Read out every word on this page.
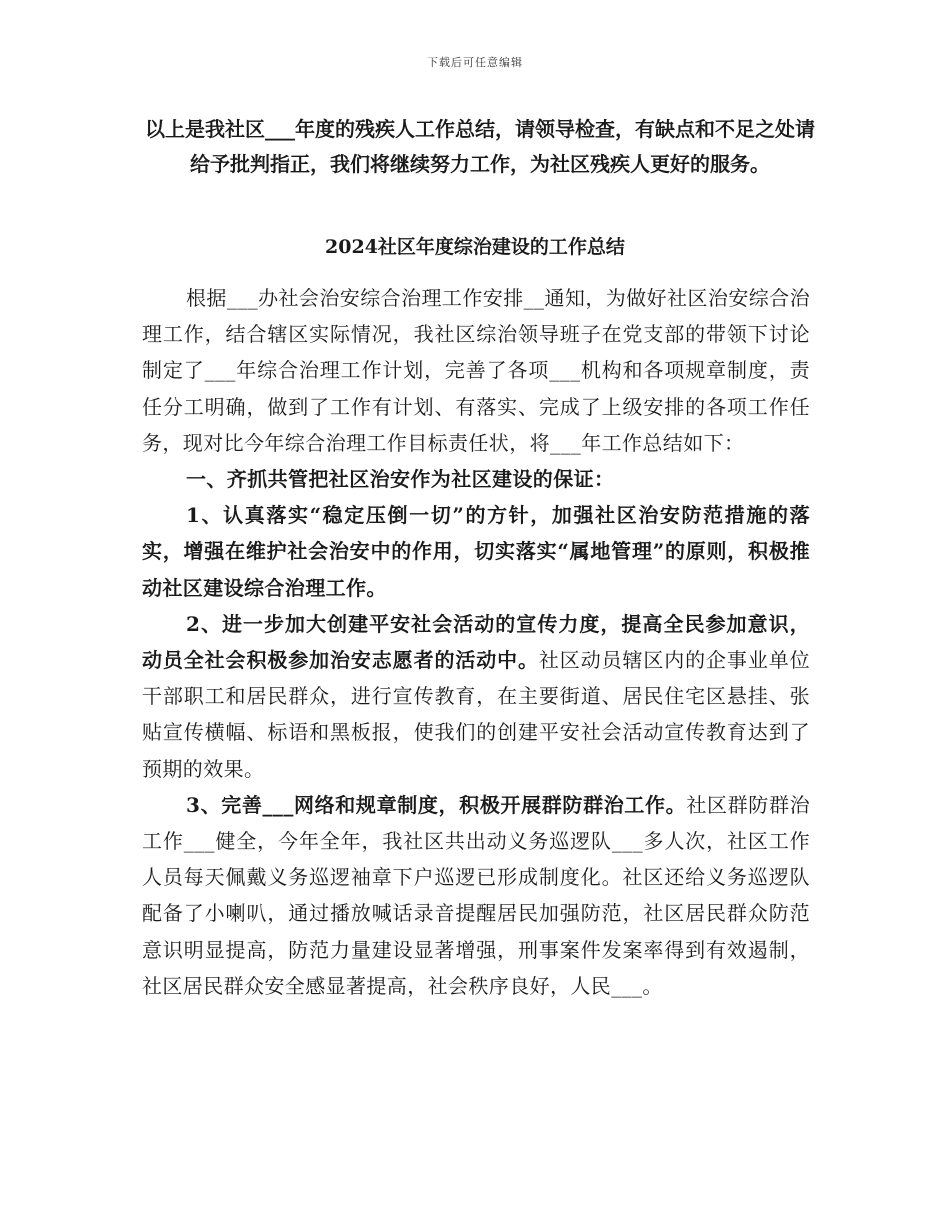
下载后可任意编辑

以上是我社区___年度的残疾人工作总结，请领导检查，有缺点和不足之处请给予批判指正，我们将继续努力工作，为社区残疾人更好的服务。

2024社区年度综治建设的工作总结

根据___办社会治安综合治理工作安排__通知，为做好社区治安综合治理工作，结合辖区实际情况，我社区综治领导班子在党支部的带领下讨论制定了___年综合治理工作计划，完善了各项___机构和各项规章制度，责任分工明确，做到了工作有计划、有落实、完成了上级安排的各项工作任务，现对比今年综合治理工作目标责任状，将___年工作总结如下：

一、齐抓共管把社区治安作为社区建设的保证：

1、认真落实“稳定压倒一切”的方针，加强社区治安防范措施的落实，增强在维护社会治安中的作用，切实落实“属地管理”的原则，积极推动社区建设综合治理工作。

2、进一步加大创建平安社会活动的宣传力度，提高全民参加意识，动员全社会积极参加治安志愿者的活动中。社区动员辖区内的企事业单位干部职工和居民群众，进行宣传教育，在主要街道、居民住宅区悬挂、张贴宣传横幅、标语和黑板报，使我们的创建平安社会活动宣传教育达到了预期的效果。

3、完善___网络和规章制度，积极开展群防群治工作。社区群防群治工作___健全，今年全年，我社区共出动义务巡逻队___多人次，社区工作人员每天佩戴义务巡逻袖章下户巡逻已形成制度化。社区还给义务巡逻队配备了小喇叭，通过播放喊话录音提醒居民加强防范，社区居民群众防范意识明显提高，防范力量建设显著增强，刑事案件发案率得到有效遏制，社区居民群众安全感显著提高，社会秩序良好，人民___。
